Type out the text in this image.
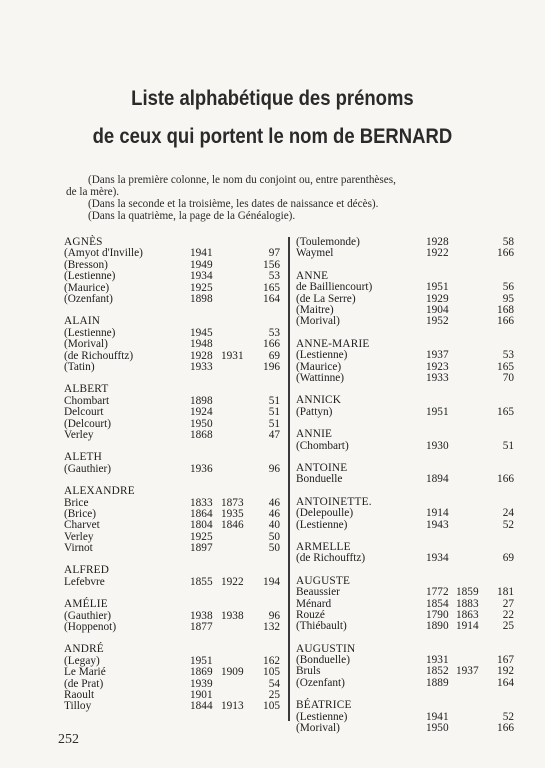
Liste alphabétique des prénoms
de ceux qui portent le nom de BERNARD
(Dans la première colonne, le nom du conjoint ou, entre parenthèses,
de la mère).
(Dans la seconde et la troisième, les dates de naissance et décès).
(Dans la quatrième, la page de la Généalogie).
AGNÈS
(Amyot d'Inville)	1941	97
(Bresson)	1949	156
(Lestienne)	1934	53
(Maurice)	1925	165
(Ozenfant)	1898	164
ALAIN
(Lestienne)	1945	53
(Morival)	1948	166
(de Richoufftz)	1928 1931 69
(Tatin)	1933	196
ALBERT
Chombart	1898	51
Delcourt	1924	51
(Delcourt)	1950	51
Verley	1868	47
ALETH
(Gauthier)	1936	96
ALEXANDRE
Brice	1833 1873 46
(Brice)	1864 1935 46
Charvet	1804 1846 40
Verley	1925	50
Virnot	1897	50
ALFRED
Lefebvre	1855 1922 194
AMÉLIE
(Gauthier)	1938 1938 96
(Hoppenot)	1877	132
ANDRÉ
(Legay)	1951	162
Le Marié	1869 1909 105
(de Prat)	1939	54
Raoult	1901	25
Tilloy	1844 1913 105
(Toulemonde)	1928	58
Waymel	1922	166
ANNE
de Bailliencourt)	1951	56
(de La Serre)	1929	95
(Maitre)	1904	168
(Morival)	1952	166
ANNE-MARIE
(Lestienne)	1937	53
(Maurice)	1923	165
(Wattinne)	1933	70
ANNICK
(Pattyn)	1951	165
ANNIE
(Chombart)	1930	51
ANTOINE
Bonduelle	1894	166
ANTOINETTE.
(Delepoulle)	1914	24
(Lestienne)	1943	52
ARMELLE
(de Richoufftz)	1934	69
AUGUSTE
Beaussier	1772 1859 181
Ménard	1854 1883 27
Rouzé	1790 1863 22
(Thiébault)	1890 1914 25
AUGUSTIN
(Bonduelle)	1931	167
Bruls	1852 1937 192
(Ozenfant)	1889	164
BÉATRICE
(Lestienne)	1941	52
(Morival)	1950	166
252
